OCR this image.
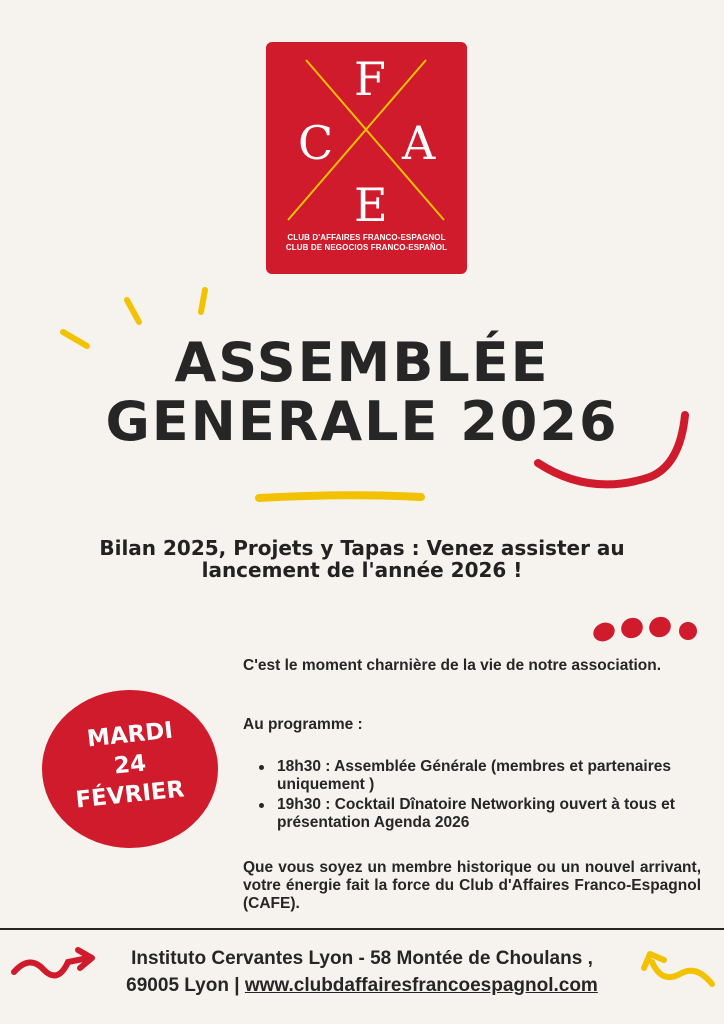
F
C A
E
CLUB D'AFFAIRES FRANCO-ESPAGNOL
CLUB DE NEGOCIOS FRANCO-ESPAÑOL
ASSEMBLÉE
GENERALE 2026

Bilan 2025, Projets y Tapas : Venez assister au
lancement de l'année 2026 !

MARDI
24
FÉVRIER

C'est le moment charnière de la vie de notre association.

Au programme :

18h30 : Assemblée Générale (membres et partenaires uniquement )
19h30 : Cocktail Dînatoire Networking ouvert à tous et présentation Agenda 2026

Que vous soyez un membre historique ou un nouvel arrivant, votre énergie fait la force du Club d'Affaires Franco-Espagnol (CAFE).

Instituto Cervantes Lyon - 58 Montée de Choulans ,

69005 Lyon | www.clubdaffairesfrancoespagnol.com
